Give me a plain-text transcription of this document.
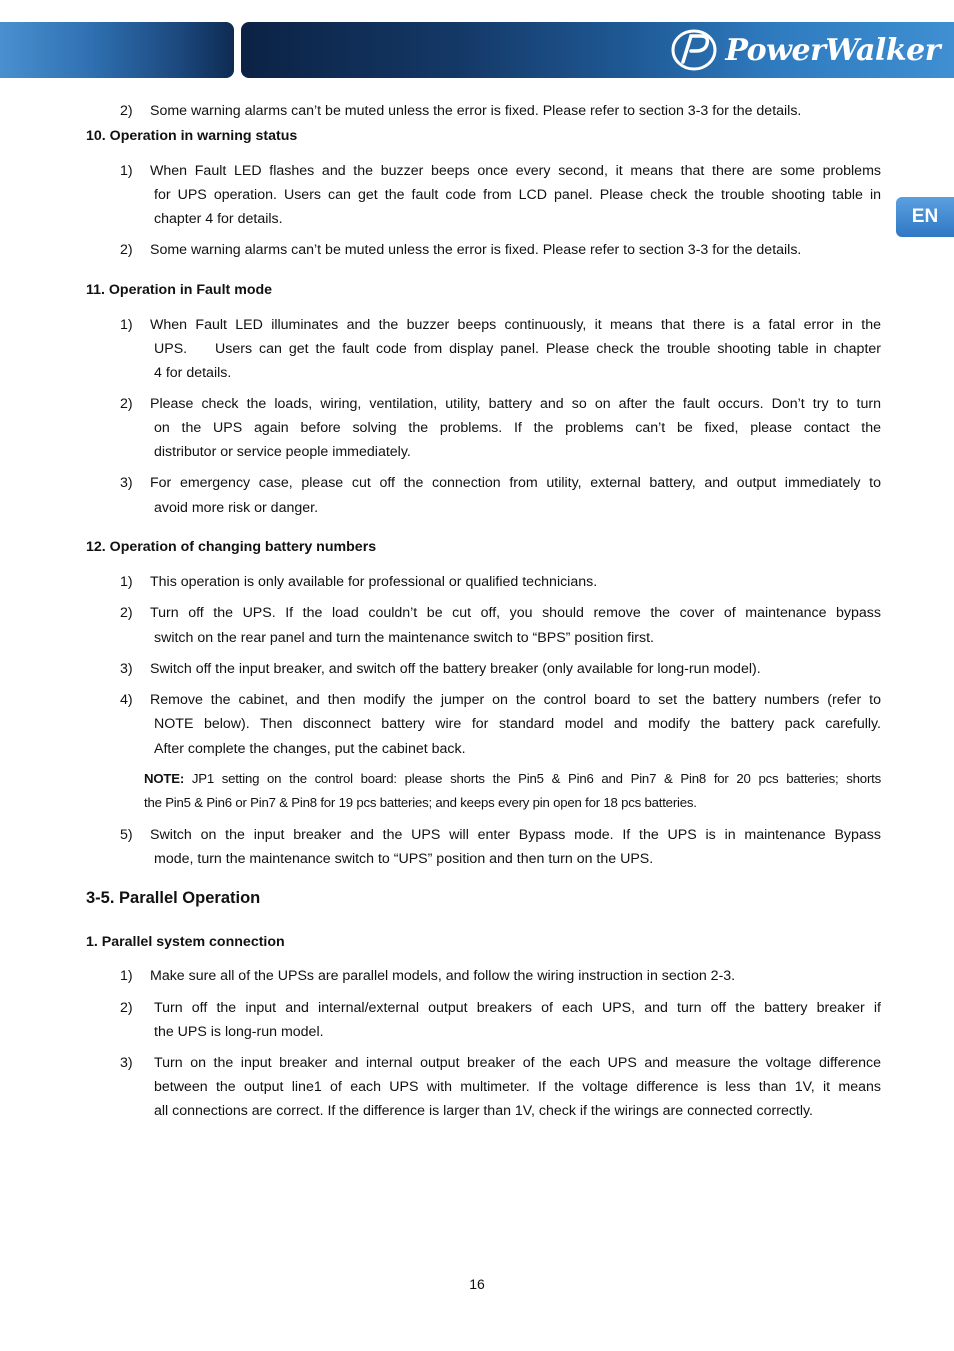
PowerWalker
EN
2) Some warning alarms can’t be muted unless the error is fixed. Please refer to section 3-3 for the details.
10. Operation in warning status
1) When Fault LED flashes and the buzzer beeps once every second, it means that there are some problems
for UPS operation. Users can get the fault code from LCD panel. Please check the trouble shooting table in
chapter 4 for details.
2) Some warning alarms can’t be muted unless the error is fixed. Please refer to section 3-3 for the details.
11. Operation in Fault mode
1) When Fault LED illuminates and the buzzer beeps continuously, it means that there is a fatal error in the
UPS.    Users can get the fault code from display panel. Please check the trouble shooting table in chapter
4 for details.
2) Please check the loads, wiring, ventilation, utility, battery and so on after the fault occurs. Don’t try to turn
on the UPS again before solving the problems. If the problems can’t be fixed, please contact the
distributor or service people immediately.
3) For emergency case, please cut off the connection from utility, external battery, and output immediately to
avoid more risk or danger.
12. Operation of changing battery numbers
1) This operation is only available for professional or qualified technicians.
2) Turn off the UPS. If the load couldn’t be cut off, you should remove the cover of maintenance bypass
switch on the rear panel and turn the maintenance switch to “BPS” position first.
3) Switch off the input breaker, and switch off the battery breaker (only available for long-run model).
4) Remove the cabinet, and then modify the jumper on the control board to set the battery numbers (refer to
NOTE below). Then disconnect battery wire for standard model and modify the battery pack carefully.
After complete the changes, put the cabinet back.
NOTE: JP1 setting on the control board: please shorts the Pin5 & Pin6 and Pin7 & Pin8 for 20 pcs batteries; shorts
the Pin5 & Pin6 or Pin7 & Pin8 for 19 pcs batteries; and keeps every pin open for 18 pcs batteries.
5) Switch on the input breaker and the UPS will enter Bypass mode. If the UPS is in maintenance Bypass
mode, turn the maintenance switch to “UPS” position and then turn on the UPS.
3-5. Parallel Operation
1. Parallel system connection
1) Make sure all of the UPSs are parallel models, and follow the wiring instruction in section 2-3.
2) Turn off the input and internal/external output breakers of each UPS, and turn off the battery breaker if
the UPS is long-run model.
3) Turn on the input breaker and internal output breaker of the each UPS and measure the voltage difference
between the output line1 of each UPS with multimeter. If the voltage difference is less than 1V, it means
all connections are correct. If the difference is larger than 1V, check if the wirings are connected correctly.
16
